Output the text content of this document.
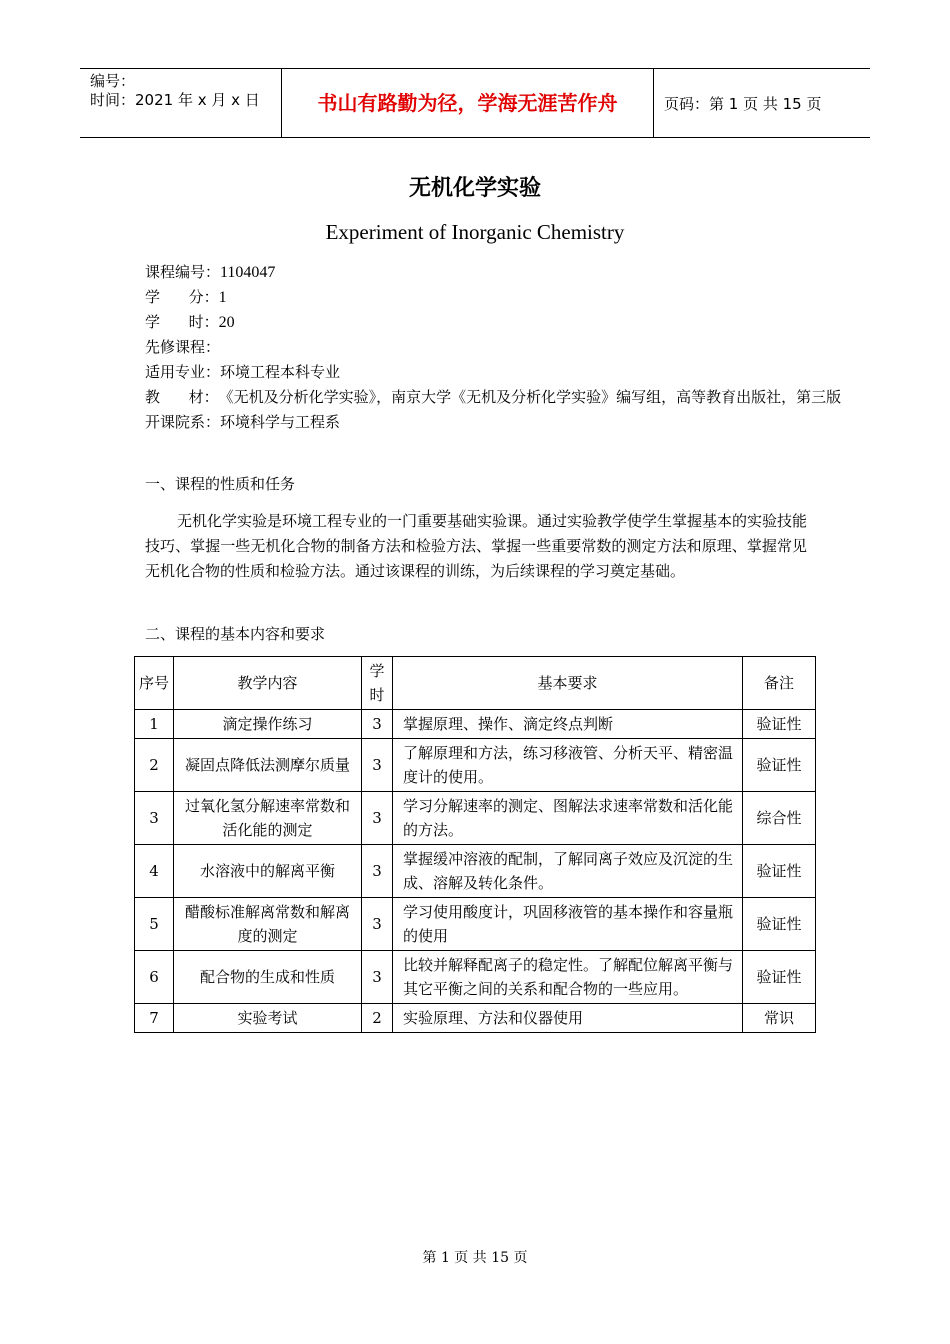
编号：
时间：2021 年 x 月 x 日	书山有路勤为径，学海无涯苦作舟	页码：第 1 页 共 15 页
无机化学实验
Experiment of Inorganic Chemistry
课程编号： 1104047
学      分： 1
学      时： 20
先修课程：
适用专业： 环境工程本科专业
教      材： 《无机及分析化学实验》，南京大学《无机及分析化学实验》编写组，高等教育出版社，第三版
开课院系： 环境科学与工程系
一、课程的性质和任务
无机化学实验是环境工程专业的一门重要基础实验课。通过实验教学使学生掌握基本的实验技能技巧、掌握一些无机化合物的制备方法和检验方法、掌握一些重要常数的测定方法和原理、掌握常见无机化合物的性质和检验方法。通过该课程的训练，为后续课程的学习奠定基础。
二、课程的基本内容和要求
序号	教学内容	学时	基本要求	备注
1	滴定操作练习	3	掌握原理、操作、滴定终点判断	验证性
2	凝固点降低法测摩尔质量	3	了解原理和方法，练习移液管、分析天平、精密温度计的使用。	验证性
3	过氧化氢分解速率常数和活化能的测定	3	学习分解速率的测定、图解法求速率常数和活化能的方法。	综合性
4	水溶液中的解离平衡	3	掌握缓冲溶液的配制，了解同离子效应及沉淀的生成、溶解及转化条件。	验证性
5	醋酸标准解离常数和解离度的测定	3	学习使用酸度计，巩固移液管的基本操作和容量瓶的使用	验证性
6	配合物的生成和性质	3	比较并解释配离子的稳定性。了解配位解离平衡与其它平衡之间的关系和配合物的一些应用。	验证性
7	实验考试	2	实验原理、方法和仪器使用	常识
第 1 页 共 15 页
